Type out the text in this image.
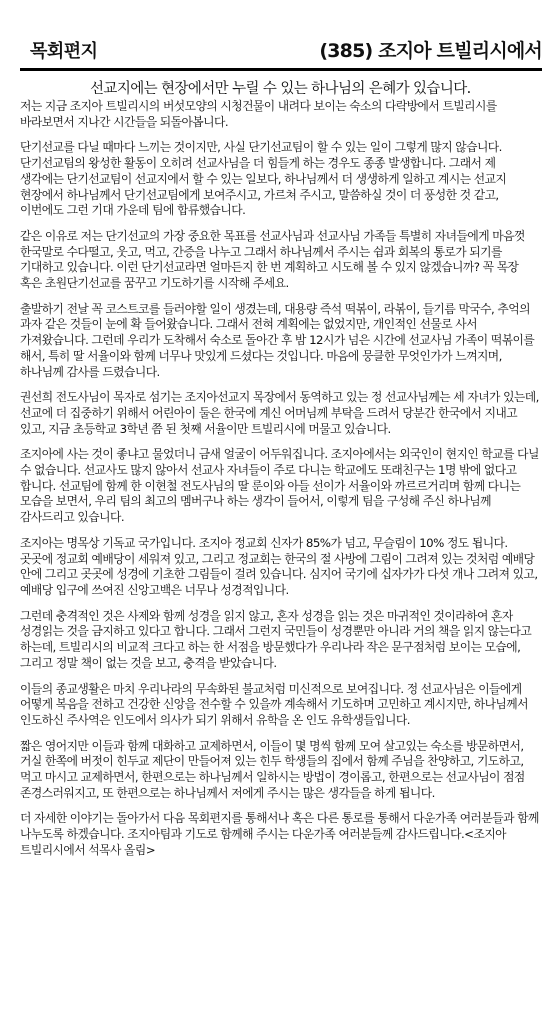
목회편지	(385) 조지아 트빌리시에서
선교지에는 현장에서만 누릴 수 있는 하나님의 은혜가 있습니다.

저는 지금 조지아 트빌리시의 버섯모양의 시청건물이 내려다 보이는 숙소의 다락방에서 트빌리시를 바라보면서 지나간 시간들을 되돌아봅니다.

단기선교를 다닐 때마다 느끼는 것이지만, 사실 단기선교팀이 할 수 있는 일이 그렇게 많지 않습니다. 단기선교팀의 왕성한 활동이 오히려 선교사님을 더 힘들게 하는 경우도 종종 발생합니다. 그래서 제 생각에는 단기선교팀이 선교지에서 할 수 있는 일보다, 하나님께서 더 생생하게 일하고 계시는 선교지 현장에서 하나님께서 단기선교팀에게 보여주시고, 가르쳐 주시고, 말씀하실 것이 더 풍성한 것 같고, 이번에도 그런 기대 가운데 팀에 합류했습니다.

같은 이유로 저는 단기선교의 가장 중요한 목표를 선교사님과 선교사님 가족들 특별히 자녀들에게 마음껏 한국말로 수다떨고, 웃고, 먹고, 간증을 나누고 그래서 하나님께서 주시는 쉼과 회복의 통로가 되기를 기대하고 있습니다. 이런 단기선교라면 얼마든지 한 번 계획하고 시도해 볼 수 있지 않겠습니까? 꼭 목장 혹은 초원단기선교를 꿈꾸고 기도하기를 시작해 주세요.

출발하기 전날 꼭 코스트코를 들러야할 일이 생겼는데, 대용량 즉석 떡볶이, 라볶이, 들기름 막국수, 추억의 과자 같은 것들이 눈에 확 들어왔습니다. 그래서 전혀 계획에는 없었지만, 개인적인 선물로 사서 가져왔습니다. 그런데 우리가 도착해서 숙소로 돌아간 후 밤 12시가 넘은 시간에 선교사님 가족이 떡볶이를 해서, 특히 딸 서율이와 함께 너무나 맛있게 드셨다는 것입니다. 마음에 뭉클한 무엇인가가 느껴지며, 하나님께 감사를 드렸습니다.

권선희 전도사님이 목자로 섬기는 조지아선교지 목장에서 동역하고 있는 정 선교사님께는 세 자녀가 있는데, 선교에 더 집중하기 위해서 어린아이 둘은 한국에 계신 어머님께 부탁을 드려서 당분간 한국에서 지내고 있고, 지금 초등학교 3학년 쯤 된 첫째 서율이만 트빌리시에 머물고 있습니다.

조지아에 사는 것이 좋냐고 물었더니 금새 얼굴이 어두워집니다. 조지아에서는 외국인이 현지인 학교를 다닐 수 없습니다. 선교사도 많지 않아서 선교사 자녀들이 주로 다니는 학교에도 또래친구는 1명 밖에 없다고 합니다. 선교팀에 함께 한 이현철 전도사님의 딸 룬이와 아들 선이가 서율이와 까르르거리며 함께 다니는 모습을 보면서, 우리 팀의 최고의 멤버구나 하는 생각이 들어서, 이렇게 팀을 구성해 주신 하나님께 감사드리고 있습니다.

조지아는 명목상 기독교 국가입니다. 조지아 정교회 신자가 85%가 넘고, 무슬림이 10% 정도 됩니다. 곳곳에 정교회 예배당이 세워져 있고, 그리고 정교회는 한국의 절 사방에 그림이 그려져 있는 것처럼 예배당 안에 그리고 곳곳에 성경에 기초한 그림들이 걸려 있습니다. 심지어 국기에 십자가가 다섯 개나 그려져 있고, 예배당 입구에 쓰여진 신앙고백은 너무나 성경적입니다.

그런데 충격적인 것은 사제와 함께 성경을 읽지 않고, 혼자 성경을 읽는 것은 마귀적인 것이라하여 혼자 성경읽는 것을 금지하고 있다고 합니다. 그래서 그런지 국민들이 성경뿐만 아니라 거의 책을 읽지 않는다고 하는데, 트빌리시의 비교적 크다고 하는 한 서점을 방문했다가 우리나라 작은 문구점처럼 보이는 모습에, 그리고 정말 책이 없는 것을 보고, 충격을 받았습니다.

이들의 종교생활은 마치 우리나라의 무속화된 불교처럼 미신적으로 보여집니다. 정 선교사님은 이들에게 어떻게 복음을 전하고 건강한 신앙을 전수할 수 있을까 계속해서 기도하며 고민하고 계시지만, 하나님께서 인도하신 주사역은 인도에서 의사가 되기 위해서 유학을 온 인도 유학생들입니다.

짧은 영어지만 이들과 함께 대화하고 교제하면서, 이들이 몇 명씩 함께 모여 살고있는 숙소를 방문하면서, 거실 한쪽에 버젓이 힌두교 제단이 만들어져 있는 힌두 학생들의 집에서 함께 주님을 찬양하고, 기도하고, 먹고 마시고 교제하면서, 한편으로는 하나님께서 일하시는 방법이 경이롭고, 한편으로는 선교사님이 점점 존경스러워지고, 또 한편으로는 하나님께서 저에게 주시는 많은 생각들을 하게 됩니다.

더 자세한 이야기는 돌아가서 다음 목회편지를 통해서나 혹은 다른 통로를 통해서 다운가족 여러분들과 함께 나누도록 하겠습니다. 조지아팀과 기도로 함께해 주시는 다운가족 여러분들께 감사드립니다.<조지아 트빌리시에서 석목사 올림>
